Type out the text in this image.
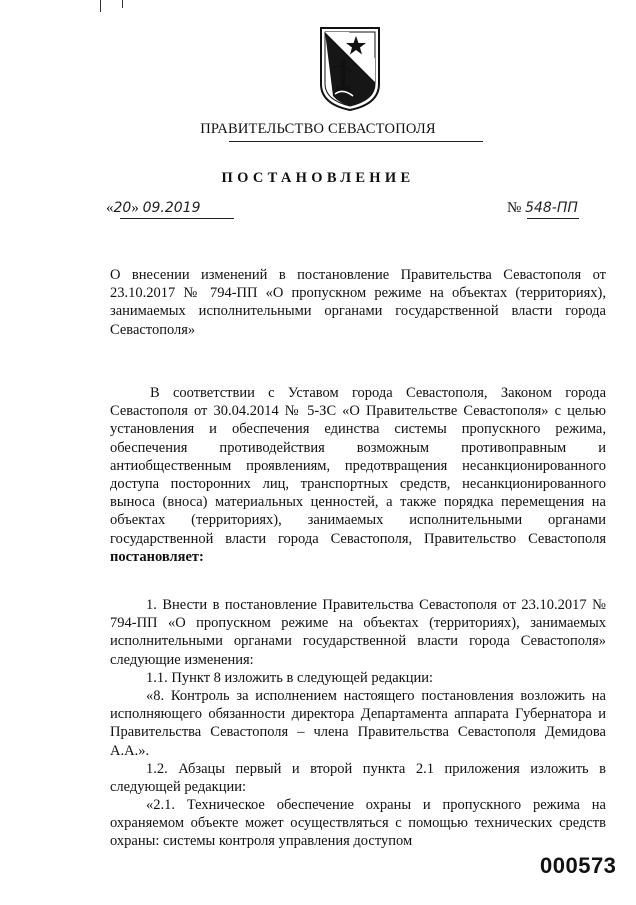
ПРАВИТЕЛЬСТВО СЕВАСТОПОЛЯ
ПОСТАНОВЛЕНИЕ
«20» 09.2019	№ 548-ПП

О внесении изменений в постановление Правительства Севастополя от 23.10.2017 № 794-ПП «О пропускном режиме на объектах (территориях), занимаемых исполнительными органами государственной власти города Севастополя»

В соответствии с Уставом города Севастополя, Законом города Севастополя от 30.04.2014 № 5-ЗС «О Правительстве Севастополя» с целью установления и обеспечения единства системы пропускного режима, обеспечения противодействия возможным противоправным и антиобщественным проявлениям, предотвращения несанкционированного доступа посторонних лиц, транспортных средств, несанкционированного выноса (вноса) материальных ценностей, а также порядка перемещения на объектах (территориях), занимаемых исполнительными органами государственной власти города Севастополя, Правительство Севастополя постановляет:

1. Внести в постановление Правительства Севастополя от 23.10.2017 № 794-ПП «О пропускном режиме на объектах (территориях), занимаемых исполнительными органами государственной власти города Севастополя» следующие изменения:

1.1. Пункт 8 изложить в следующей редакции:

«8. Контроль за исполнением настоящего постановления возложить на исполняющего обязанности директора Департамента аппарата Губернатора и Правительства Севастополя – члена Правительства Севастополя Демидова А.А.».

1.2. Абзацы первый и второй пункта 2.1 приложения изложить в следующей редакции:

«2.1. Техническое обеспечение охраны и пропускного режима на охраняемом объекте может осуществляться с помощью технических средств охраны: системы контроля управления доступом

000573
